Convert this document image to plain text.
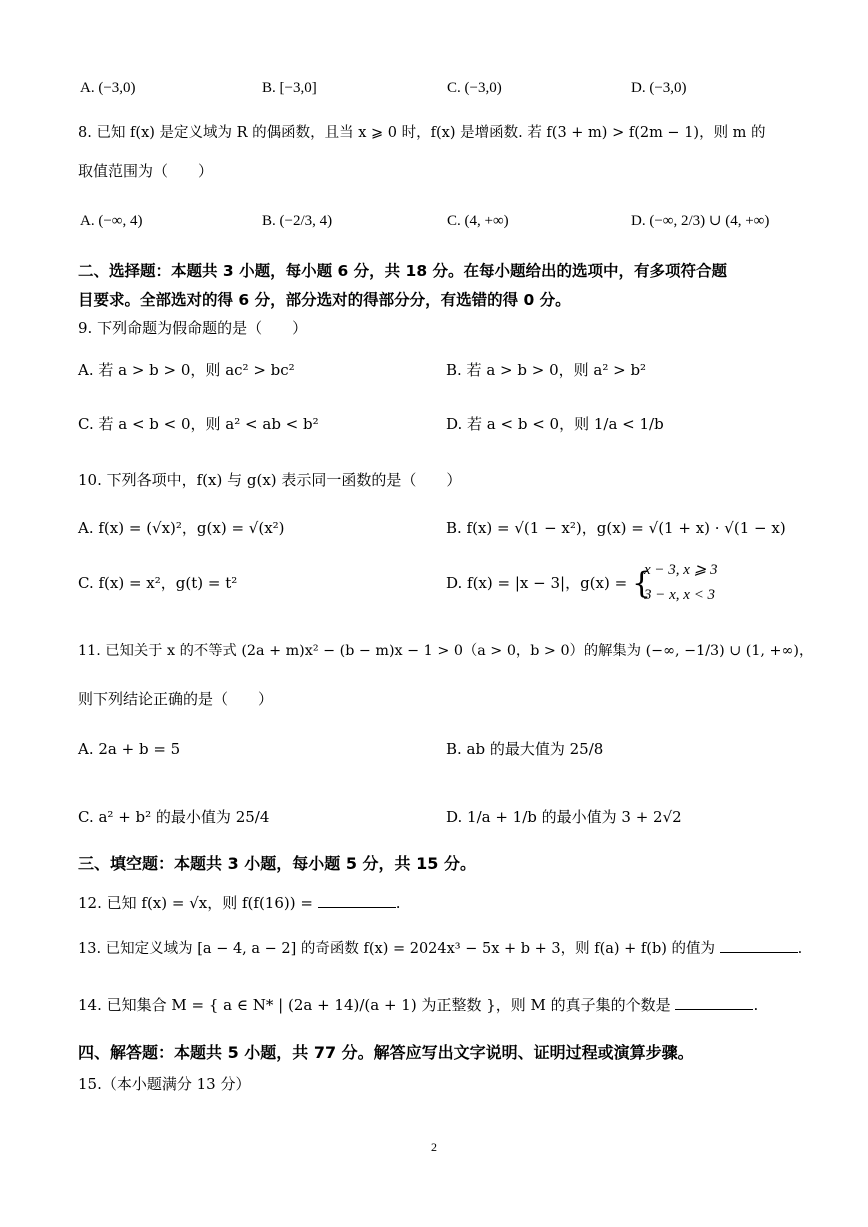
A. (−3,0)	B. [−3,0]	C. (−3,0)	D. (−3,0)
8. 已知 f(x) 是定义域为 R 的偶函数，且当 x ⩾ 0 时，f(x) 是增函数. 若 f(3 + m) > f(2m − 1)，则 m 的
取值范围为（　　）
A. (−∞, 4)	B. (−2/3, 4)	C. (4, +∞)	D. (−∞, 2/3) ∪ (4, +∞)
二、选择题：本题共 3 小题，每小题 6 分，共 18 分。在每小题给出的选项中，有多项符合题
目要求。全部选对的得 6 分，部分选对的得部分分，有选错的得 0 分。
9. 下列命题为假命题的是（　　）
A. 若 a > b > 0，则 ac² > bc²	B. 若 a > b > 0，则 a² > b²
C. 若 a < b < 0，则 a² < ab < b²	D. 若 a < b < 0，则 1/a < 1/b
10. 下列各项中，f(x) 与 g(x) 表示同一函数的是（　　）
A. f(x) = (√x)²，g(x) = √(x²)	B. f(x) = √(1 − x²)，g(x) = √(1 + x) · √(1 − x)
C. f(x) = x²，g(t) = t²	D. f(x) = |x − 3|，g(x) = {
x − 3, x ⩾ 3
3 − x, x < 3
11. 已知关于 x 的不等式 (2a + m)x² − (b − m)x − 1 > 0（a > 0，b > 0）的解集为 (−∞, −1/3) ∪ (1, +∞)，
则下列结论正确的是（　　）
A. 2a + b = 5	B. ab 的最大值为 25/8
C. a² + b² 的最小值为 25/4	D. 1/a + 1/b 的最小值为 3 + 2√2
三、填空题：本题共 3 小题，每小题 5 分，共 15 分。
12. 已知 f(x) = √x，则 f(f(16)) =	.
13. 已知定义域为 [a − 4, a − 2] 的奇函数 f(x) = 2024x³ − 5x + b + 3，则 f(a) + f(b) 的值为	.
14. 已知集合 M = { a ∈ N* | (2a + 14)/(a + 1) 为正整数 }，则 M 的真子集的个数是	.
四、解答题：本题共 5 小题，共 77 分。解答应写出文字说明、证明过程或演算步骤。
15.（本小题满分 13 分）
2
